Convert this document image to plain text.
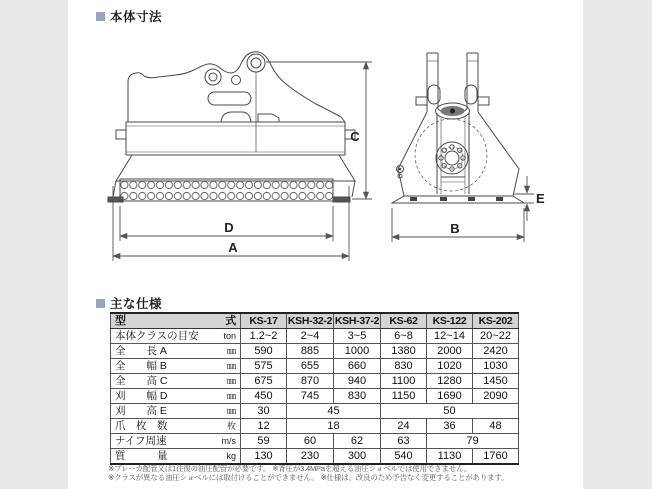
本体寸法
C
D
A
B
E
主な仕様
型 式	KS-17	KSH-32-2	KSH-37-2	KS-62	KS-122	KS-202

本体クラスの目安 ton	1.2~2	2~4	3~5	6~8	12~14	20~22

全　　長 A ㎜	590	885	1000	1380	2000	2420

全　　幅 B ㎜	575	655	660	830	1020	1030

全　　高 C ㎜	675	870	940	1100	1280	1450

刈　　幅 D ㎜	450	745	830	1150	1690	2090

刈　　高 E ㎜	30	45		50		

爪　枚　数 枚	12	18		24	36	48

ナイフ周速 m/s	59	60	62	63	79	

質　　　量 kg	130	230	300	540	1130	1760
※ブレーカ配管又は1往復の油圧配管が必要です。 ※背圧が3.4MPaを超える油圧ショベルでは使用できません。
※クラスが異なる油圧ショベルには取付けることができません。 ※仕様は、改良のため予告なく変更することがあります。
